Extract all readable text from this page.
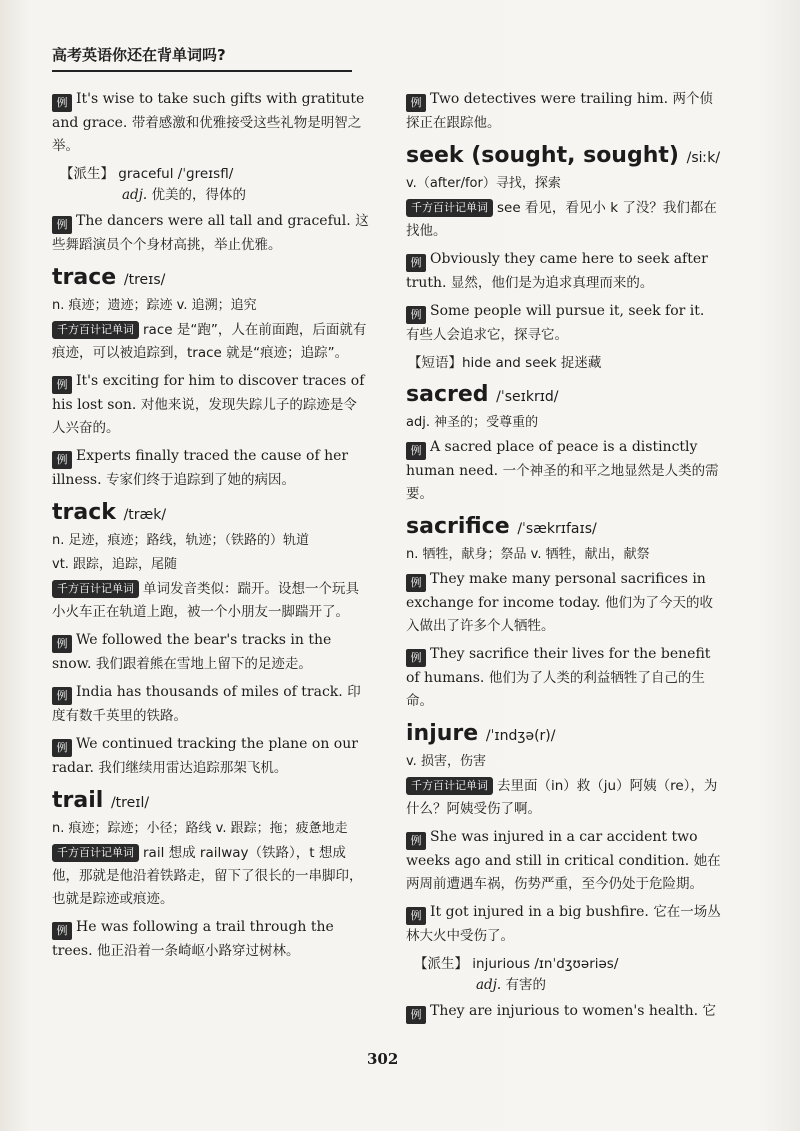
高考英语你还在背单词吗?
例 It's wise to take such gifts with gratitute and grace. 带着感激和优雅接受这些礼物是明智之举。
【派生】 graceful /ˈɡreɪsfl/
adj. 优美的，得体的
例 The dancers were all tall and graceful. 这些舞蹈演员个个身材高挑，举止优雅。
trace /treɪs/
n. 痕迹；遗迹；踪迹 v. 追溯；追究
千方百计记单词 race 是“跑”，人在前面跑，后面就有痕迹，可以被追踪到，trace 就是“痕迹；追踪”。
例 It's exciting for him to discover traces of his lost son. 对他来说，发现失踪儿子的踪迹是令人兴奋的。
例 Experts finally traced the cause of her illness. 专家们终于追踪到了她的病因。
track /træk/
n. 足迹，痕迹；路线，轨迹；（铁路的）轨道
vt. 跟踪，追踪，尾随
千方百计记单词 单词发音类似：踹开。设想一个玩具小火车正在轨道上跑，被一个小朋友一脚踹开了。
例 We followed the bear's tracks in the snow. 我们跟着熊在雪地上留下的足迹走。
例 India has thousands of miles of track. 印度有数千英里的铁路。
例 We continued tracking the plane on our radar. 我们继续用雷达追踪那架飞机。
trail /treɪl/
n. 痕迹；踪迹；小径；路线 v. 跟踪；拖；疲惫地走
千方百计记单词 rail 想成 railway（铁路），t 想成他，那就是他沿着铁路走，留下了很长的一串脚印，也就是踪迹或痕迹。
例 He was following a trail through the trees. 他正沿着一条崎岖小路穿过树林。
例 Two detectives were trailing him. 两个侦探正在跟踪他。
seek (sought, sought) /siːk/
v.（after/for）寻找，探索
千方百计记单词 see 看见，看见小 k 了没？我们都在找他。
例 Obviously they came here to seek after truth. 显然，他们是为追求真理而来的。
例 Some people will pursue it, seek for it. 有些人会追求它，探寻它。
【短语】hide and seek 捉迷藏
sacred /ˈseɪkrɪd/
adj. 神圣的；受尊重的
例 A sacred place of peace is a distinctly human need. 一个神圣的和平之地显然是人类的需要。
sacrifice /ˈsækrɪfaɪs/
n. 牺牲，献身；祭品 v. 牺牲，献出，献祭
例 They make many personal sacrifices in exchange for income today. 他们为了今天的收入做出了许多个人牺牲。
例 They sacrifice their lives for the benefit of humans. 他们为了人类的利益牺牲了自己的生命。
injure /ˈɪndʒə(r)/
v. 损害，伤害
千方百计记单词 去里面（in）救（ju）阿姨（re），为什么？阿姨受伤了啊。
例 She was injured in a car accident two weeks ago and still in critical condition. 她在两周前遭遇车祸，伤势严重，至今仍处于危险期。
例 It got injured in a big bushfire. 它在一场丛林大火中受伤了。
【派生】 injurious /ɪnˈdʒʊəriəs/
adj. 有害的
例 They are injurious to women's health. 它
302
